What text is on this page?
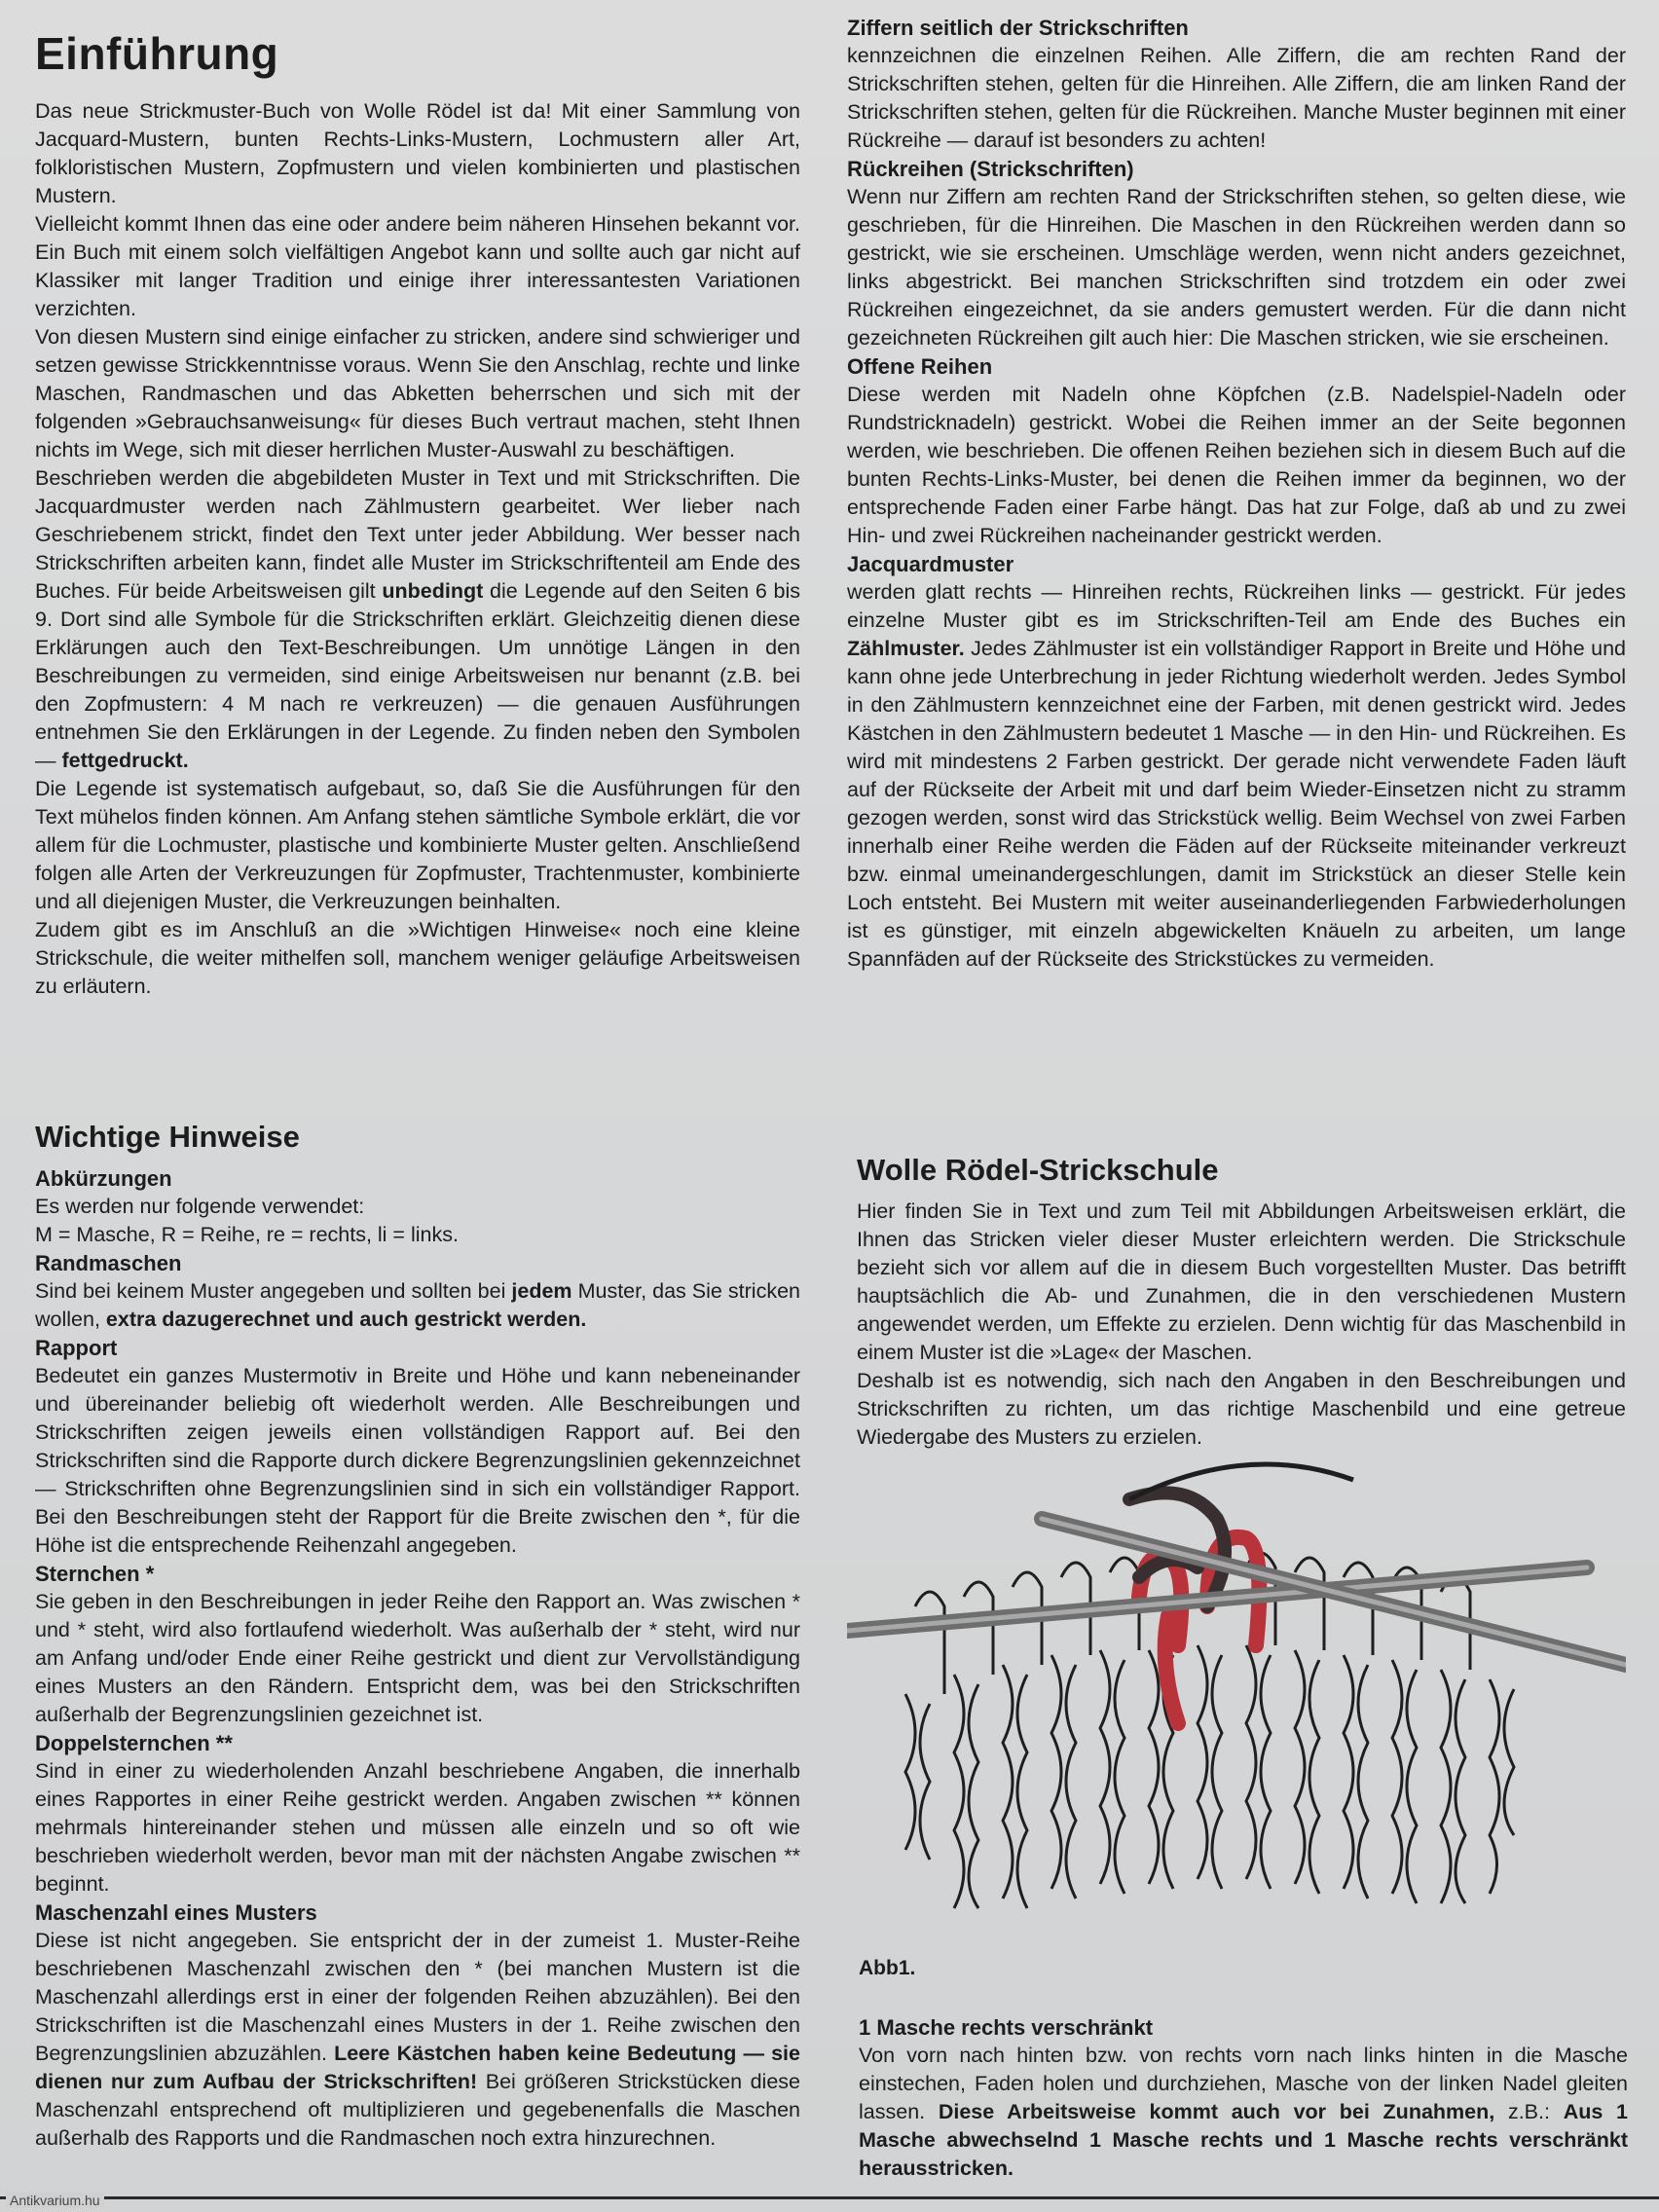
Einführung

Das neue Strickmuster-Buch von Wolle Rödel ist da! Mit einer Sammlung von Jacquard-Mustern, bunten Rechts-Links-Mustern, Lochmustern aller Art, folkloristischen Mustern, Zopfmustern und vielen kombinierten und plastischen Mustern.

Vielleicht kommt Ihnen das eine oder andere beim näheren Hinsehen bekannt vor. Ein Buch mit einem solch vielfältigen Angebot kann und sollte auch gar nicht auf Klassiker mit langer Tradition und einige ihrer interessantesten Variationen verzichten.

Von diesen Mustern sind einige einfacher zu stricken, andere sind schwieriger und setzen gewisse Strickkenntnisse voraus. Wenn Sie den Anschlag, rechte und linke Maschen, Randmaschen und das Abketten beherrschen und sich mit der folgenden »Gebrauchsanweisung« für dieses Buch vertraut machen, steht Ihnen nichts im Wege, sich mit dieser herrlichen Muster-Auswahl zu beschäftigen.

Beschrieben werden die abgebildeten Muster in Text und mit Strickschriften. Die Jacquardmuster werden nach Zählmustern gearbeitet. Wer lieber nach Geschriebenem strickt, findet den Text unter jeder Abbildung. Wer besser nach Strickschriften arbeiten kann, findet alle Muster im Strickschriftenteil am Ende des Buches. Für beide Arbeitsweisen gilt unbedingt die Legende auf den Seiten 6 bis 9. Dort sind alle Symbole für die Strickschriften erklärt. Gleichzeitig dienen diese Erklärungen auch den Text-Beschreibungen. Um unnötige Längen in den Beschreibungen zu vermeiden, sind einige Arbeitsweisen nur benannt (z.B. bei den Zopfmustern: 4 M nach re verkreuzen) — die genauen Ausführungen entnehmen Sie den Erklärungen in der Legende. Zu finden neben den Symbolen — fettgedruckt.

Die Legende ist systematisch aufgebaut, so, daß Sie die Ausführungen für den Text mühelos finden können. Am Anfang stehen sämtliche Symbole erklärt, die vor allem für die Lochmuster, plastische und kombinierte Muster gelten. Anschließend folgen alle Arten der Verkreuzungen für Zopfmuster, Trachtenmuster, kombinierte und all diejenigen Muster, die Verkreuzungen beinhalten.

Zudem gibt es im Anschluß an die »Wichtigen Hinweise« noch eine kleine Strickschule, die weiter mithelfen soll, manchem weniger geläufige Arbeitsweisen zu erläutern.

Ziffern seitlich der Strickschriften

kennzeichnen die einzelnen Reihen. Alle Ziffern, die am rechten Rand der Strickschriften stehen, gelten für die Hinreihen. Alle Ziffern, die am linken Rand der Strickschriften stehen, gelten für die Rückreihen. Manche Muster beginnen mit einer Rückreihe — darauf ist besonders zu achten!

Rückreihen (Strickschriften)

Wenn nur Ziffern am rechten Rand der Strickschriften stehen, so gelten diese, wie geschrieben, für die Hinreihen. Die Maschen in den Rückreihen werden dann so gestrickt, wie sie erscheinen. Umschläge werden, wenn nicht anders gezeichnet, links abgestrickt. Bei manchen Strickschriften sind trotzdem ein oder zwei Rückreihen eingezeichnet, da sie anders gemustert werden. Für die dann nicht gezeichneten Rückreihen gilt auch hier: Die Maschen stricken, wie sie erscheinen.

Offene Reihen

Diese werden mit Nadeln ohne Köpfchen (z.B. Nadelspiel-Nadeln oder Rundstricknadeln) gestrickt. Wobei die Reihen immer an der Seite begonnen werden, wie beschrieben. Die offenen Reihen beziehen sich in diesem Buch auf die bunten Rechts-Links-Muster, bei denen die Reihen immer da beginnen, wo der entsprechende Faden einer Farbe hängt. Das hat zur Folge, daß ab und zu zwei Hin- und zwei Rückreihen nacheinander gestrickt werden.

Jacquardmuster

werden glatt rechts — Hinreihen rechts, Rückreihen links — gestrickt. Für jedes einzelne Muster gibt es im Strickschriften-Teil am Ende des Buches ein Zählmuster. Jedes Zählmuster ist ein vollständiger Rapport in Breite und Höhe und kann ohne jede Unterbrechung in jeder Richtung wiederholt werden. Jedes Symbol in den Zählmustern kennzeichnet eine der Farben, mit denen gestrickt wird. Jedes Kästchen in den Zählmustern bedeutet 1 Masche — in den Hin- und Rückreihen. Es wird mit mindestens 2 Farben gestrickt. Der gerade nicht verwendete Faden läuft auf der Rückseite der Arbeit mit und darf beim Wieder-Einsetzen nicht zu stramm gezogen werden, sonst wird das Strickstück wellig. Beim Wechsel von zwei Farben innerhalb einer Reihe werden die Fäden auf der Rückseite miteinander verkreuzt bzw. einmal umeinandergeschlungen, damit im Strickstück an dieser Stelle kein Loch entsteht. Bei Mustern mit weiter auseinanderliegenden Farbwiederholungen ist es günstiger, mit einzeln abgewickelten Knäueln zu arbeiten, um lange Spannfäden auf der Rückseite des Strickstückes zu vermeiden.

Wichtige Hinweise

Abkürzungen

Es werden nur folgende verwendet:

M = Masche, R = Reihe, re = rechts, li = links.

Randmaschen

Sind bei keinem Muster angegeben und sollten bei jedem Muster, das Sie stricken wollen, extra dazugerechnet und auch gestrickt werden.

Rapport

Bedeutet ein ganzes Mustermotiv in Breite und Höhe und kann nebeneinander und übereinander beliebig oft wiederholt werden. Alle Beschreibungen und Strickschriften zeigen jeweils einen vollständigen Rapport auf. Bei den Strickschriften sind die Rapporte durch dickere Begrenzungslinien gekennzeichnet — Strickschriften ohne Begrenzungslinien sind in sich ein vollständiger Rapport. Bei den Beschreibungen steht der Rapport für die Breite zwischen den *, für die Höhe ist die entsprechende Reihenzahl angegeben.

Sternchen *

Sie geben in den Beschreibungen in jeder Reihe den Rapport an. Was zwischen * und * steht, wird also fortlaufend wiederholt. Was außerhalb der * steht, wird nur am Anfang und/oder Ende einer Reihe gestrickt und dient zur Vervollständigung eines Musters an den Rändern. Entspricht dem, was bei den Strickschriften außerhalb der Begrenzungslinien gezeichnet ist.

Doppelsternchen **

Sind in einer zu wiederholenden Anzahl beschriebene Angaben, die innerhalb eines Rapportes in einer Reihe gestrickt werden. Angaben zwischen ** können mehrmals hintereinander stehen und müssen alle einzeln und so oft wie beschrieben wiederholt werden, bevor man mit der nächsten Angabe zwischen ** beginnt.

Maschenzahl eines Musters

Diese ist nicht angegeben. Sie entspricht der in der zumeist 1. Muster-Reihe beschriebenen Maschenzahl zwischen den * (bei manchen Mustern ist die Maschenzahl allerdings erst in einer der folgenden Reihen abzuzählen). Bei den Strickschriften ist die Maschenzahl eines Musters in der 1. Reihe zwischen den Begrenzungslinien abzuzählen. Leere Kästchen haben keine Bedeutung — sie dienen nur zum Aufbau der Strickschriften! Bei größeren Strickstücken diese Maschenzahl entsprechend oft multiplizieren und gegebenenfalls die Maschen außerhalb des Rapports und die Randmaschen noch extra hinzurechnen.

Wolle Rödel-Strickschule

Hier finden Sie in Text und zum Teil mit Abbildungen Arbeitsweisen erklärt, die Ihnen das Stricken vieler dieser Muster erleichtern werden. Die Strickschule bezieht sich vor allem auf die in diesem Buch vorgestellten Muster. Das betrifft hauptsächlich die Ab- und Zunahmen, die in den verschiedenen Mustern angewendet werden, um Effekte zu erzielen. Denn wichtig für das Maschenbild in einem Muster ist die »Lage« der Maschen.

Deshalb ist es notwendig, sich nach den Angaben in den Beschreibungen und Strickschriften zu richten, um das richtige Maschenbild und eine getreue Wiedergabe des Musters zu erzielen.

Abb1.

1 Masche rechts verschränkt

Von vorn nach hinten bzw. von rechts vorn nach links hinten in die Masche einstechen, Faden holen und durchziehen, Masche von der linken Nadel gleiten lassen. Diese Arbeitsweise kommt auch vor bei Zunahmen, z.B.: Aus 1 Masche abwechselnd 1 Masche rechts und 1 Masche rechts verschränkt herausstricken.

Antikvarium.hu
